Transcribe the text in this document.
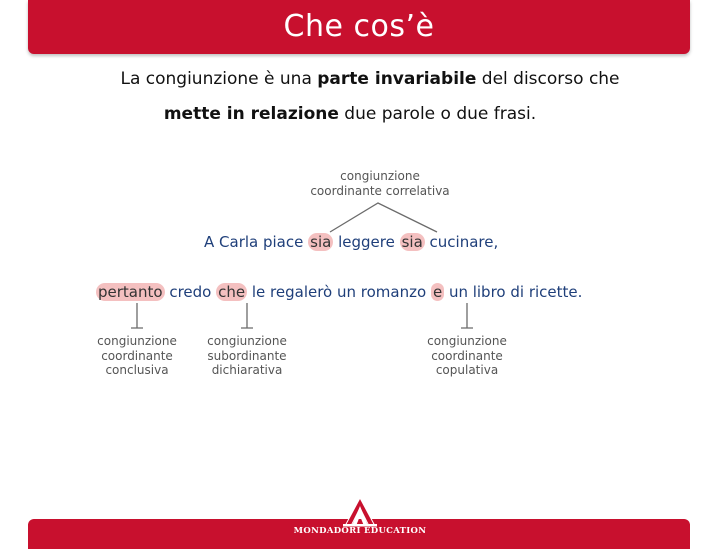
Che cos’è
La congiunzione è una parte invariabile del discorso che
mette in relazione due parole o due frasi.
congiunzione
coordinante correlativa
A Carla piace sia leggere sia cucinare,
pertanto credo che le regalerò un romanzo e un libro di ricette.
congiunzione
coordinante
conclusiva
congiunzione
subordinante
dichiarativa
congiunzione
coordinante
copulativa
MONDADORI EDUCATION
